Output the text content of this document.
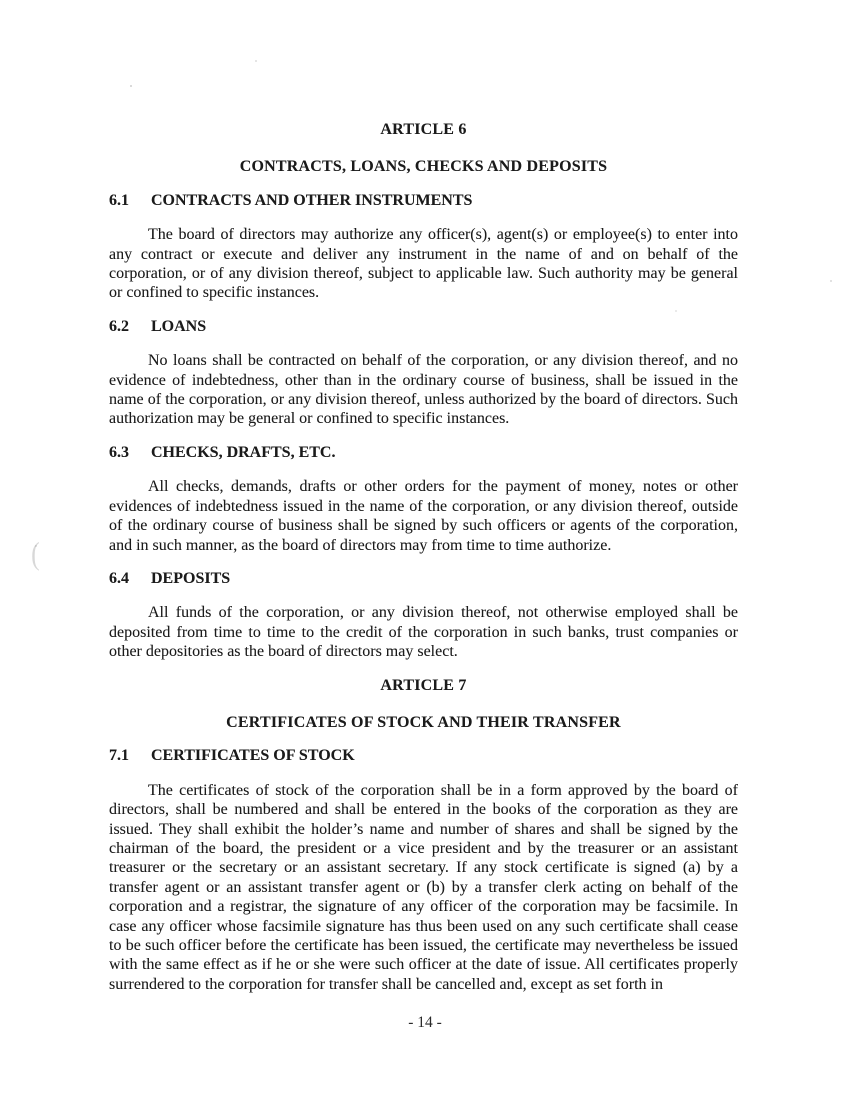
(
ARTICLE 6
CONTRACTS, LOANS, CHECKS AND DEPOSITS
6.1	CONTRACTS AND OTHER INSTRUMENTS

The board of directors may authorize any officer(s), agent(s) or employee(s) to enter into any contract or execute and deliver any instrument in the name of and on behalf of the corporation, or of any division thereof, subject to applicable law. Such authority may be general or confined to specific instances.

6.2	LOANS

No loans shall be contracted on behalf of the corporation, or any division thereof, and no evidence of indebtedness, other than in the ordinary course of business, shall be issued in the name of the corporation, or any division thereof, unless authorized by the board of directors. Such authorization may be general or confined to specific instances.

6.3	CHECKS, DRAFTS, ETC.

All checks, demands, drafts or other orders for the payment of money, notes or other evidences of indebtedness issued in the name of the corporation, or any division thereof, outside of the ordinary course of business shall be signed by such officers or agents of the corporation, and in such manner, as the board of directors may from time to time authorize.

6.4	DEPOSITS

All funds of the corporation, or any division thereof, not otherwise employed shall be deposited from time to time to the credit of the corporation in such banks, trust companies or other depositories as the board of directors may select.

ARTICLE 7
CERTIFICATES OF STOCK AND THEIR TRANSFER
7.1	CERTIFICATES OF STOCK

The certificates of stock of the corporation shall be in a form approved by the board of directors, shall be numbered and shall be entered in the books of the corporation as they are issued. They shall exhibit the holder’s name and number of shares and shall be signed by the chairman of the board, the president or a vice president and by the treasurer or an assistant treasurer or the secretary or an assistant secretary. If any stock certificate is signed (a) by a transfer agent or an assistant transfer agent or (b) by a transfer clerk acting on behalf of the corporation and a registrar, the signature of any officer of the corporation may be facsimile. In case any officer whose facsimile signature has thus been used on any such certificate shall cease to be such officer before the certificate has been issued, the certificate may nevertheless be issued with the same effect as if he or she were such officer at the date of issue. All certificates properly surrendered to the corporation for transfer shall be cancelled and, except as set forth in

- 14 -
